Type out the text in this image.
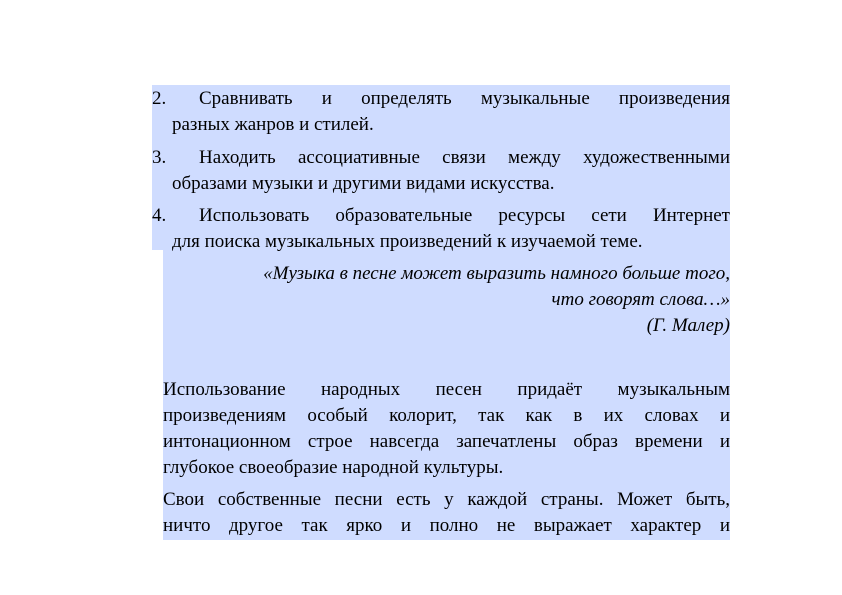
2.	Сравнивать и определять музыкальные произведения
разных жанров и стилей.
3.	Находить ассоциативные связи между художественными
образами музыки и другими видами искусства.
4.	Использовать образовательные ресурсы сети Интернет
для поиска музыкальных произведений к изучаемой теме.
«Музыка в песне может выразить намного больше того,
что говорят слова…»
(Г. Малер)
Использование народных песен придаёт музыкальным
произведениям особый колорит, так как в их словах и
интонационном строе навсегда запечатлены образ времени и
глубокое своеобразие народной культуры.
Свои собственные песни есть у каждой страны. Может быть,
ничто другое так ярко и полно не выражает характер и
